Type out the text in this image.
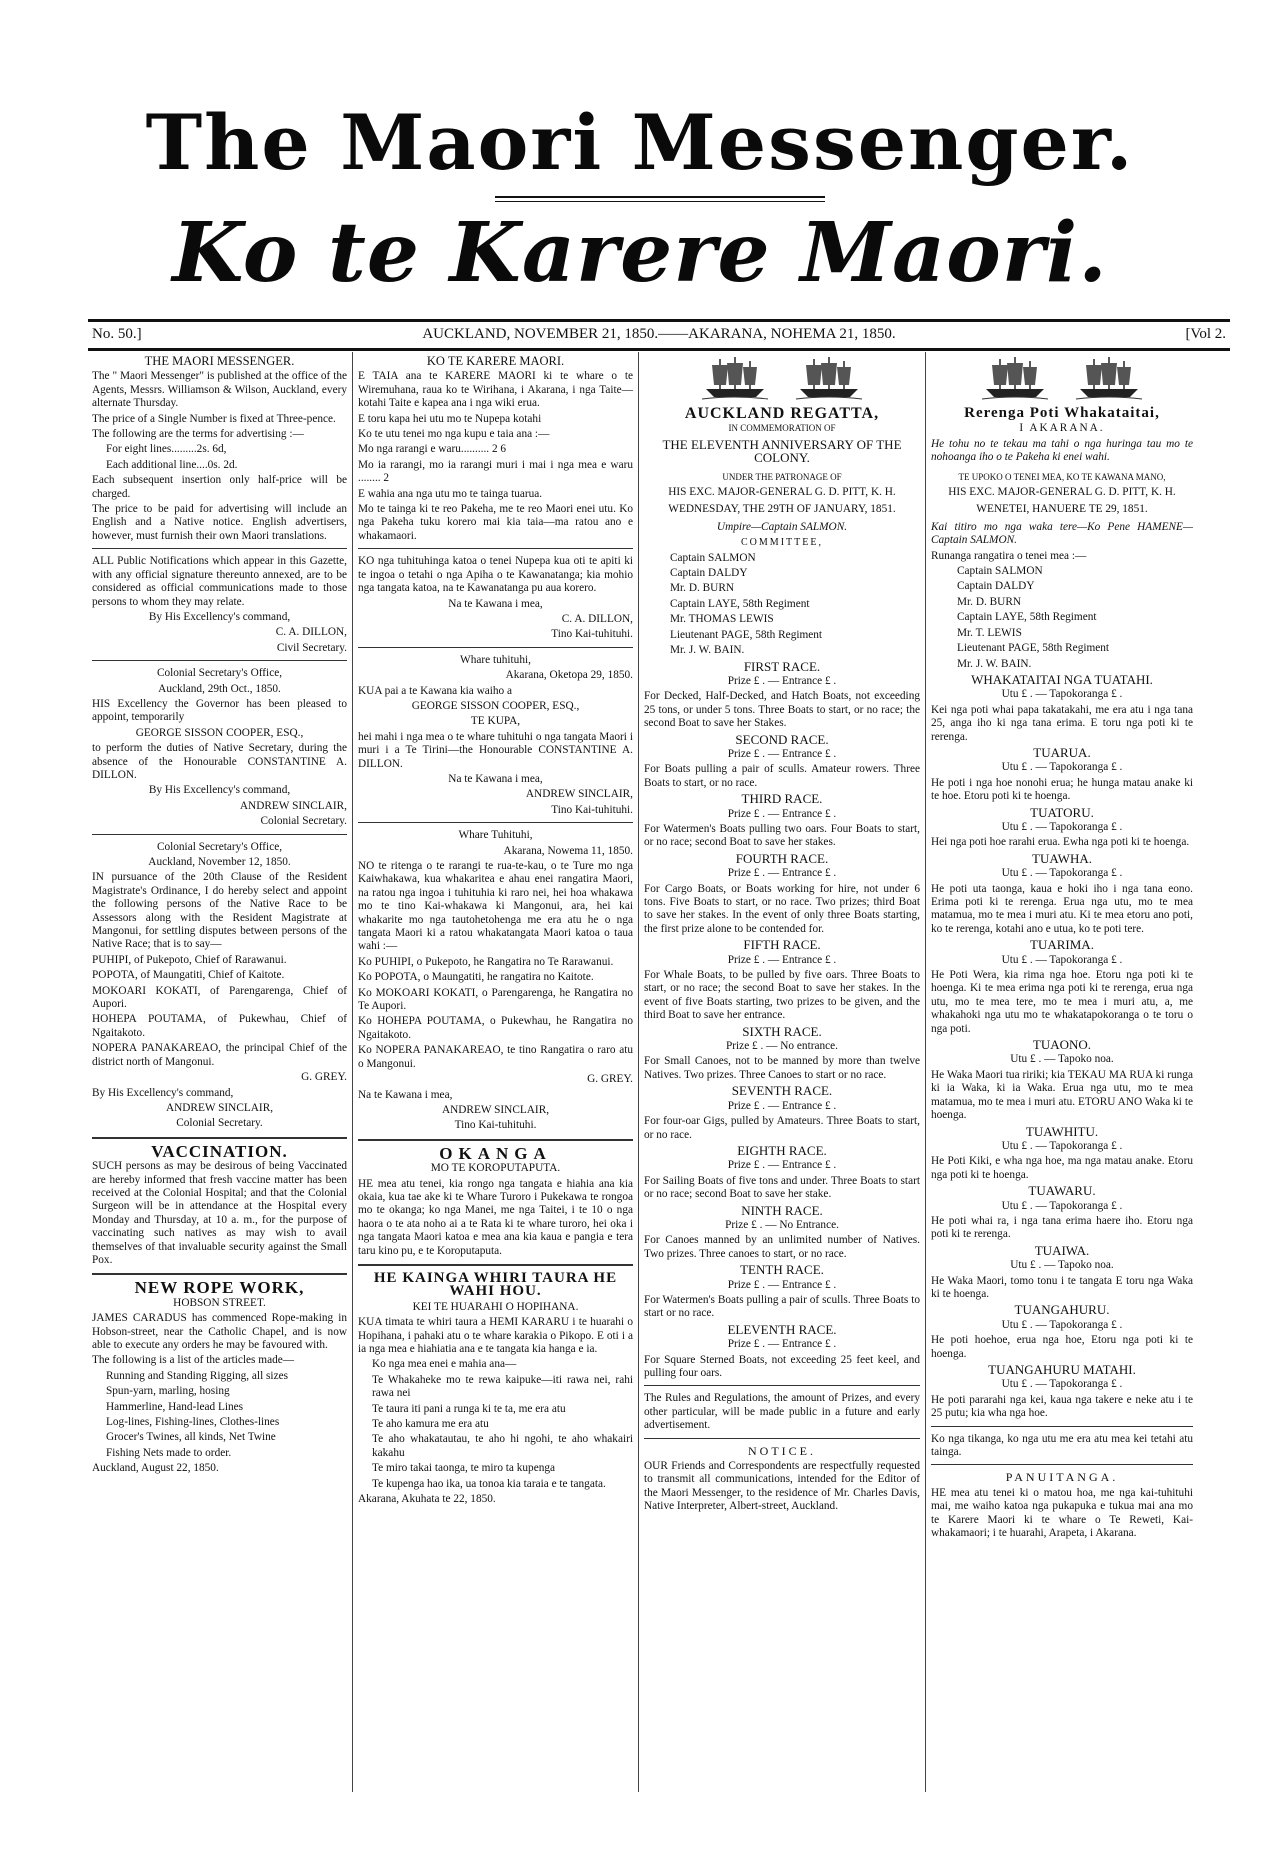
The Maori Messenger.
Ko te Karere Maori.
No. 50.]	AUCKLAND, NOVEMBER 21, 1850.——AKARANA, NOHEMA 21, 1850.	[Vol 2.

THE MAORI MESSENGER.

The " Maori Messenger" is published at the office of the Agents, Messrs. Williamson & Wilson, Auckland, every alternate Thursday.

The price of a Single Number is fixed at Three-pence.

The following are the terms for advertising :—

For eight lines.........2s. 6d,

Each additional line....0s. 2d.

Each subsequent insertion only half-price will be charged.

The price to be paid for advertising will include an English and a Native notice. English advertisers, however, must furnish their own Maori translations.

ALL Public Notifications which appear in this Gazette, with any official signature thereunto annexed, are to be considered as official communications made to those persons to whom they may relate.

By His Excellency's command,

C. A. DILLON,

Civil Secretary.

Colonial Secretary's Office,

Auckland, 29th Oct., 1850.

HIS Excellency the Governor has been pleased to appoint, temporarily

GEORGE SISSON COOPER, ESQ.,

to perform the duties of Native Secretary, during the absence of the Honourable CONSTANTINE A. DILLON.

By His Excellency's command,

ANDREW SINCLAIR,

Colonial Secretary.

Colonial Secretary's Office,

Auckland, November 12, 1850.

IN pursuance of the 20th Clause of the Resident Magistrate's Ordinance, I do hereby select and appoint the following persons of the Native Race to be Assessors along with the Resident Magistrate at Mangonui, for settling disputes between persons of the Native Race; that is to say—

PUHIPI, of Pukepoto, Chief of Rarawanui.

POPOTA, of Maungatiti, Chief of Kaitote.

MOKOARI KOKATI, of Parengarenga, Chief of Aupori.

HOHEPA POUTAMA, of Pukewhau, Chief of Ngaitakoto.

NOPERA PANAKAREAO, the principal Chief of the district north of Mangonui.

G. GREY.

By His Excellency's command,

ANDREW SINCLAIR,

Colonial Secretary.

VACCINATION.

SUCH persons as may be desirous of being Vaccinated are hereby informed that fresh vaccine matter has been received at the Colonial Hospital; and that the Colonial Surgeon will be in attendance at the Hospital every Monday and Thursday, at 10 a. m., for the purpose of vaccinating such natives as may wish to avail themselves of that invaluable security against the Small Pox.

NEW ROPE WORK,

HOBSON STREET.

JAMES CARADUS has commenced Rope-making in Hobson-street, near the Catholic Chapel, and is now able to execute any orders he may be favoured with.

The following is a list of the articles made—

Running and Standing Rigging, all sizes

Spun-yarn, marling, hosing

Hammerline, Hand-lead Lines

Log-lines, Fishing-lines, Clothes-lines

Grocer's Twines, all kinds, Net Twine

Fishing Nets made to order.

Auckland, August 22, 1850.

KO TE KARERE MAORI.

E TAIA ana te KARERE MAORI ki te whare o te Wiremuhana, raua ko te Wirihana, i Akarana, i nga Taite—kotahi Taite e kapea ana i nga wiki erua.

E toru kapa hei utu mo te Nupepa kotahi

Ko te utu tenei mo nga kupu e taia ana :—

Mo nga rarangi e waru.......... 2 6

Mo ia rarangi, mo ia rarangi muri i mai i nga mea e waru ........ 2

E wahia ana nga utu mo te tainga tuarua.

Mo te tainga ki te reo Pakeha, me te reo Maori enei utu. Ko nga Pakeha tuku korero mai kia taia—ma ratou ano e whakamaori.

KO nga tuhituhinga katoa o tenei Nupepa kua oti te apiti ki te ingoa o tetahi o nga Apiha o te Kawanatanga; kia mohio nga tangata katoa, na te Kawanatanga pu aua korero.

Na te Kawana i mea,

C. A. DILLON,

Tino Kai-tuhituhi.

Whare tuhituhi,

Akarana, Oketopa 29, 1850.

KUA pai a te Kawana kia waiho a

GEORGE SISSON COOPER, ESQ.,

TE KUPA,

hei mahi i nga mea o te whare tuhituhi o nga tangata Maori i muri i a Te Tirini—the Honourable CONSTANTINE A. DILLON.

Na te Kawana i mea,

ANDREW SINCLAIR,

Tino Kai-tuhituhi.

Whare Tuhituhi,

Akarana, Nowema 11, 1850.

NO te ritenga o te rarangi te rua-te-kau, o te Ture mo nga Kaiwhakawa, kua whakaritea e ahau enei rangatira Maori, na ratou nga ingoa i tuhituhia ki raro nei, hei hoa whakawa mo te tino Kai-whakawa ki Mangonui, ara, hei kai whakarite mo nga tautohetohenga me era atu he o nga tangata Maori ki a ratou whakatangata Maori katoa o taua wahi :—

Ko PUHIPI, o Pukepoto, he Rangatira no Te Rarawanui.

Ko POPOTA, o Maungatiti, he rangatira no Kaitote.

Ko MOKOARI KOKATI, o Parengarenga, he Rangatira no Te Aupori.

Ko HOHEPA POUTAMA, o Pukewhau, he Rangatira no Ngaitakoto.

Ko NOPERA PANAKAREAO, te tino Rangatira o raro atu o Mangonui.

G. GREY.

Na te Kawana i mea,

ANDREW SINCLAIR,

Tino Kai-tuhituhi.

OKANGA

MO TE KOROPUTAPUTA.

HE mea atu tenei, kia rongo nga tangata e hiahia ana kia okaia, kua tae ake ki te Whare Turoro i Pukekawa te rongoa mo te okanga; ko nga Manei, me nga Taitei, i te 10 o nga haora o te ata noho ai a te Rata ki te whare turoro, hei oka i nga tangata Maori katoa e mea ana kia kaua e pangia e tera taru kino pu, e te Koroputaputa.

HE KAINGA WHIRI TAURA HE WAHI HOU.

KEI TE HUARAHI O HOPIHANA.

KUA timata te whiri taura a HEMI KARARU i te huarahi o Hopihana, i pahaki atu o te whare karakia o Pikopo. E oti i a ia nga mea e hiahiatia ana e te tangata kia hanga e ia.

Ko nga mea enei e mahia ana—

Te Whakaheke mo te rewa kaipuke—iti rawa nei, rahi rawa nei

Te taura iti pani a runga ki te ta, me era atu

Te aho kamura me era atu

Te aho whakatautau, te aho hi ngohi, te aho whakairi kakahu

Te miro takai taonga, te miro ta kupenga

Te kupenga hao ika, ua tonoa kia taraia e te tangata.

Akarana, Akuhata te 22, 1850.

AUCKLAND REGATTA,

IN COMMEMORATION OF

THE ELEVENTH ANNIVERSARY OF THE COLONY.

UNDER THE PATRONAGE OF

HIS EXC. MAJOR-GENERAL G. D. PITT, K. H.

WEDNESDAY, THE 29TH OF JANUARY, 1851.

Umpire—Captain SALMON.

COMMITTEE,

Captain SALMON

Captain DALDY

Mr. D. BURN

Captain LAYE, 58th Regiment

Mr. THOMAS LEWIS

Lieutenant PAGE, 58th Regiment

Mr. J. W. BAIN.

FIRST RACE.

Prize £ . — Entrance £ .

For Decked, Half-Decked, and Hatch Boats, not exceeding 25 tons, or under 5 tons. Three Boats to start, or no race; the second Boat to save her Stakes.

SECOND RACE.

Prize £ . — Entrance £ .

For Boats pulling a pair of sculls. Amateur rowers. Three Boats to start, or no race.

THIRD RACE.

Prize £ . — Entrance £ .

For Watermen's Boats pulling two oars. Four Boats to start, or no race; second Boat to save her stakes.

FOURTH RACE.

Prize £ . — Entrance £ .

For Cargo Boats, or Boats working for hire, not under 6 tons. Five Boats to start, or no race. Two prizes; third Boat to save her stakes. In the event of only three Boats starting, the first prize alone to be contended for.

FIFTH RACE.

Prize £ . — Entrance £ .

For Whale Boats, to be pulled by five oars. Three Boats to start, or no race; the second Boat to save her stakes. In the event of five Boats starting, two prizes to be given, and the third Boat to save her entrance.

SIXTH RACE.

Prize £ . — No entrance.

For Small Canoes, not to be manned by more than twelve Natives. Two prizes. Three Canoes to start or no race.

SEVENTH RACE.

Prize £ . — Entrance £ .

For four-oar Gigs, pulled by Amateurs. Three Boats to start, or no race.

EIGHTH RACE.

Prize £ . — Entrance £ .

For Sailing Boats of five tons and under. Three Boats to start or no race; second Boat to save her stake.

NINTH RACE.

Prize £ . — No Entrance.

For Canoes manned by an unlimited number of Natives. Two prizes. Three canoes to start, or no race.

TENTH RACE.

Prize £ . — Entrance £ .

For Watermen's Boats pulling a pair of sculls. Three Boats to start or no race.

ELEVENTH RACE.

Prize £ . — Entrance £ .

For Square Sterned Boats, not exceeding 25 feet keel, and pulling four oars.

The Rules and Regulations, the amount of Prizes, and every other particular, will be made public in a future and early advertisement.

NOTICE.

OUR Friends and Correspondents are respectfully requested to transmit all communications, intended for the Editor of the Maori Messenger, to the residence of Mr. Charles Davis, Native Interpreter, Albert-street, Auckland.

Rerenga Poti Whakataitai,

I AKARANA.

He tohu no te tekau ma tahi o nga huringa tau mo te nohoanga iho o te Pakeha ki enei wahi.

TE UPOKO O TENEI MEA, KO TE KAWANA MANO,

HIS EXC. MAJOR-GENERAL G. D. PITT, K. H.

WENETEI, HANUERE TE 29, 1851.

Kai titiro mo nga waka tere—Ko Pene HAMENE—Captain SALMON.

Runanga rangatira o tenei mea :—

Captain SALMON

Captain DALDY

Mr. D. BURN

Captain LAYE, 58th Regiment

Mr. T. LEWIS

Lieutenant PAGE, 58th Regiment

Mr. J. W. BAIN.

WHAKATAITAI NGA TUATAHI.

Utu £ . — Tapokoranga £ .

Kei nga poti whai papa takatakahi, me era atu i nga tana 25, anga iho ki nga tana erima. E toru nga poti ki te rerenga.

TUARUA.

Utu £ . — Tapokoranga £ .

He poti i nga hoe nonohi erua; he hunga matau anake ki te hoe. Etoru poti ki te hoenga.

TUATORU.

Utu £ . — Tapokoranga £ .

Hei nga poti hoe rarahi erua. Ewha nga poti ki te hoenga.

TUAWHA.

Utu £ . — Tapokoranga £ .

He poti uta taonga, kaua e hoki iho i nga tana eono. Erima poti ki te rerenga. Erua nga utu, mo te mea matamua, mo te mea i muri atu. Ki te mea etoru ano poti, ko te rerenga, kotahi ano e utua, ko te poti tere.

TUARIMA.

Utu £ . — Tapokoranga £ .

He Poti Wera, kia rima nga hoe. Etoru nga poti ki te hoenga. Ki te mea erima nga poti ki te rerenga, erua nga utu, mo te mea tere, mo te mea i muri atu, a, me whakahoki nga utu mo te whakatapokoranga o te toru o nga poti.

TUAONO.

Utu £ . — Tapoko noa.

He Waka Maori tua ririki; kia TEKAU MA RUA ki runga ki ia Waka, ki ia Waka. Erua nga utu, mo te mea matamua, mo te mea i muri atu. ETORU ANO Waka ki te hoenga.

TUAWHITU.

Utu £ . — Tapokoranga £ .

He Poti Kiki, e wha nga hoe, ma nga matau anake. Etoru nga poti ki te hoenga.

TUAWARU.

Utu £ . — Tapokoranga £ .

He poti whai ra, i nga tana erima haere iho. Etoru nga poti ki te rerenga.

TUAIWA.

Utu £ . — Tapoko noa.

He Waka Maori, tomo tonu i te tangata E toru nga Waka ki te hoenga.

TUANGAHURU.

Utu £ . — Tapokoranga £ .

He poti hoehoe, erua nga hoe, Etoru nga poti ki te hoenga.

TUANGAHURU MATAHI.

Utu £ . — Tapokoranga £ .

He poti pararahi nga kei, kaua nga takere e neke atu i te 25 putu; kia wha nga hoe.

Ko nga tikanga, ko nga utu me era atu mea kei tetahi atu tainga.

PANUITANGA.

HE mea atu tenei ki o matou hoa, me nga kai-tuhituhi mai, me waiho katoa nga pukapuka e tukua mai ana mo te Karere Maori ki te whare o Te Reweti, Kai-whakamaori; i te huarahi, Arapeta, i Akarana.
